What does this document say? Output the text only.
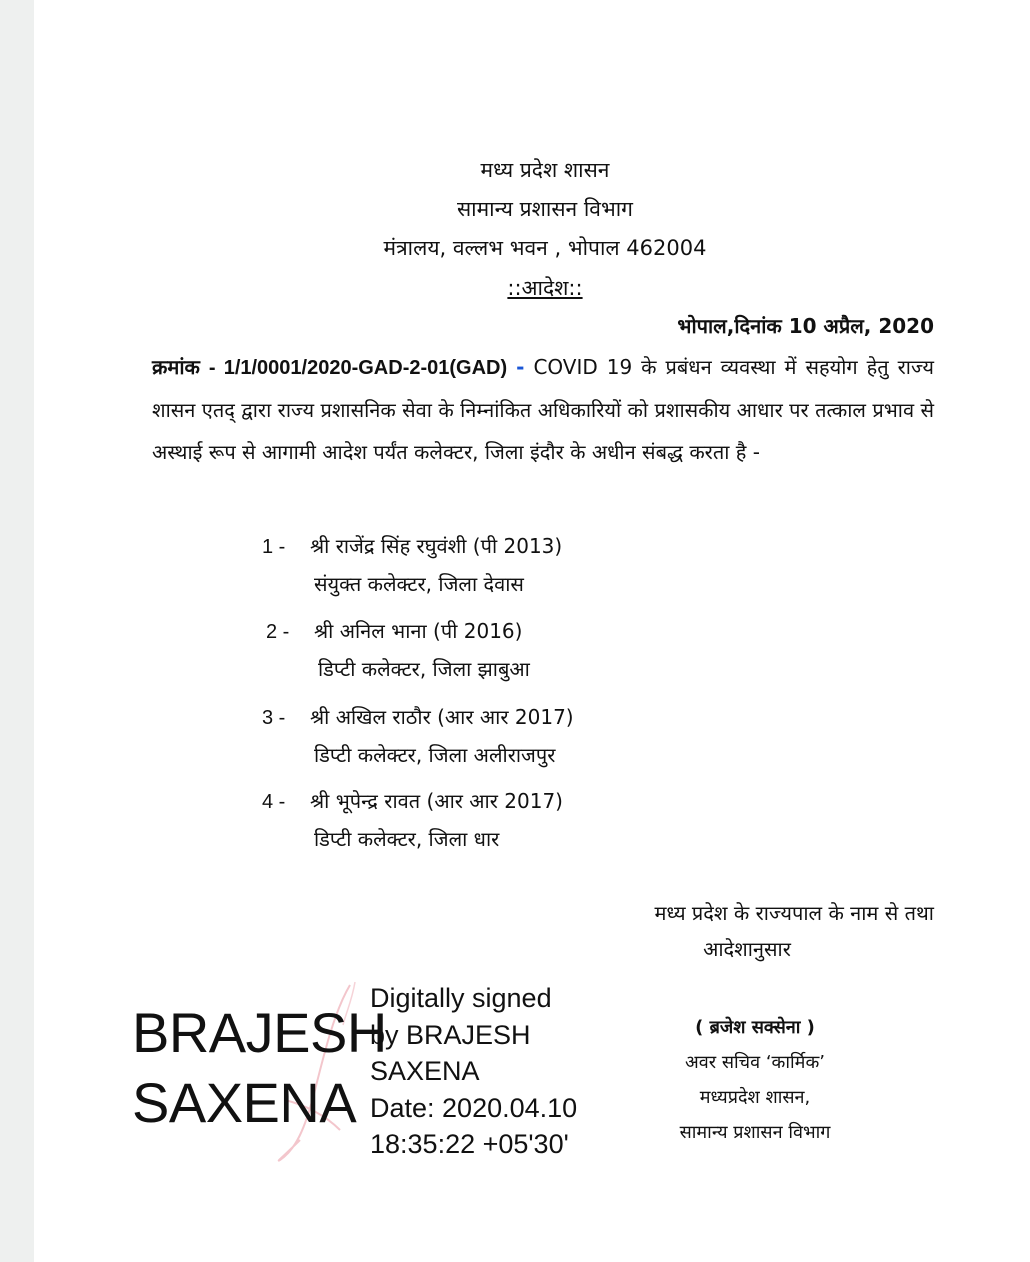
मध्य प्रदेश शासन
सामान्य प्रशासन विभाग
मंत्रालय, वल्लभ भवन , भोपाल 462004
::आदेश::
भोपाल,दिनांक 10 अप्रैल, 2020
क्रमांक - 1/1/0001/2020-GAD-2-01(GAD) - COVID 19 के प्रबंधन व्यवस्था में सहयोग हेतु राज्य शासन एतद् द्वारा राज्य प्रशासनिक सेवा के निम्नांकित अधिकारियों को प्रशासकीय आधार पर तत्काल प्रभाव से अस्थाई रूप से आगामी आदेश पर्यंत कलेक्टर, जिला इंदौर के अधीन संबद्ध करता है -
1 - श्री राजेंद्र सिंह रघुवंशी (पी 2013)
संयुक्त कलेक्टर, जिला देवास
2 - श्री अनिल भाना (पी 2016)
डिप्टी कलेक्टर, जिला झाबुआ
3 - श्री अखिल राठौर (आर आर 2017)
डिप्टी कलेक्टर, जिला अलीराजपुर
4 - श्री भूपेन्द्र रावत (आर आर 2017)
डिप्टी कलेक्टर, जिला धार
मध्य प्रदेश के राज्यपाल के नाम से तथा
आदेशानुसार
( ब्रजेश सक्सेना )
अवर सचिव ‘कार्मिक’
मध्यप्रदेश शासन,
सामान्य प्रशासन विभाग
BRAJESH
SAXENA
Digitally signed
by BRAJESH
SAXENA
Date: 2020.04.10
18:35:22 +05'30'
